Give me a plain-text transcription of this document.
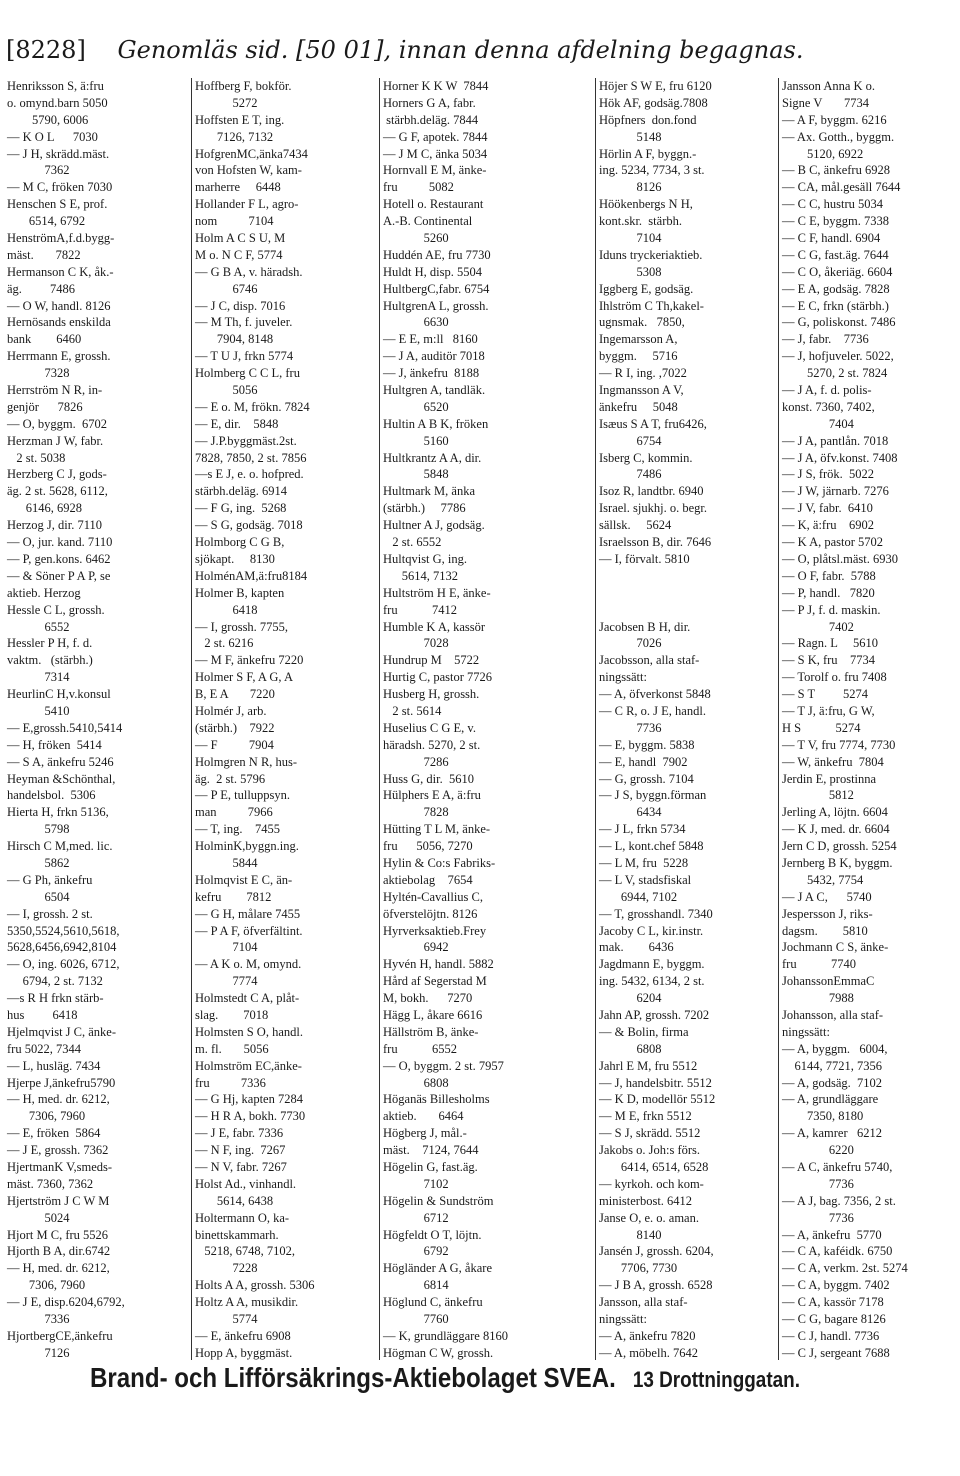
[8228] Genomläs sid. [50 01], innan denna afdelning begagnas.
Henriksson S, ä:fru
o. omynd.barn 5050
5790, 6006
— K O L      7030
— J H, skrädd.mäst.
7362
— M C, fröken 7030
Henschen S E, prof.
6514, 6792
HenströmA,f.d.bygg-
mäst.       7822
Hermanson C K, åk.-
äg.         7486
— O W, handl. 8126
Hernösands enskilda
bank        6460
Herrmann E, grossh.
7328
Herrström N R, in-
genjör      7826
— O, byggm.  6702
Herzman J W, fabr.
2 st. 5038
Herzberg C J, gods-
äg. 2 st. 5628, 6112,
6146, 6928
Herzog J, dir. 7110
— O, jur. kand. 7110
— P, gen.kons. 6462
— & Söner P A P, se
aktieb. Herzog
Hessle C L, grossh.
6552
Hessler P H, f. d.
vaktm.   (stärbh.)
7314
HeurlinC H,v.konsul
5410
— E,grossh.5410,5414
— H, fröken  5414
— S A, änkefru 5246
Heyman &Schönthal,
handelsbol.  5306
Hierta H, frkn 5136,
5798
Hirsch C M,med. lic.
5862
— G Ph, änkefru
6504
— I, grossh. 2 st.
5350,5524,5610,5618,
5628,6456,6942,8104
— O, ing. 6026, 6712,
6794, 2 st. 7132
—s R H frkn stärb-
hus         6418
Hjelmqvist J C, änke-
fru 5022, 7344
— L, husläg. 7434
Hjerpe J,änkefru5790
— H, med. dr. 6212,
7306, 7960
— E, fröken  5864
— J E, grossh. 7362
HjertmanK V,smeds-
mäst. 7360, 7362
Hjertström J C W M
5024
Hjort M C, fru 5526
Hjorth B A, dir.6742
— H, med. dr. 6212,
7306, 7960
— J E, disp.6204,6792,
7336
HjortbergCE,änkefru
7126
Hoffberg F, bokför.
5272
Hoffsten E T, ing.
7126, 7132
HofgrenMC,änka7434
von Hofsten W, kam-
marherre     6448
Hollander F L, agro-
nom          7104
Holm A C S U, M
M o. N C F, 5774
— G B A, v. häradsh.
6746
— J C, disp. 7016
— M Th, f. juveler.
7904, 8148
— T U J, frkn 5774
Holmberg C C L, fru
5056
— E o. M, frökn. 7824
— E, dir.    5848
— J.P.byggmäst.2st.
7828, 7850, 2 st. 7856
—s E J, e. o. hofpred.
stärbh.deläg. 6914
— F G, ing.  5268
— S G, godsäg. 7018
Holmborg C G B,
sjökapt.     8130
HolménAM,ä:fru8184
Holmer B, kapten
6418
— I, grossh. 7755,
2 st. 6216
— M F, änkefru 7220
Holmer S F, A G, A
B, E A       7220
Holmér J, arb.
(stärbh.)    7922
— F          7904
Holmgren N R, hus-
äg.  2 st. 5796
— P E, tulluppsyn.
man          7966
— T, ing.    7455
HolminK,byggn.ing.
5844
Holmqvist E C, än-
kefru        7812
— G H, målare 7455
— P A F, öfverfältint.
7104
— A K o. M, omynd.
7774
Holmstedt C A, plåt-
slag.        7018
Holmsten S O, handl.
m. fl.       5056
Holmström EC,änke-
fru          7336
— G Hj, kapten 7284
— H R A, bokh. 7730
— J E, fabr. 7336
— N F, ing.  7267
— N V, fabr. 7267
Holst Ad., vinhandl.
5614, 6438
Holtermann O, ka-
binettskammarh.
5218, 6748, 7102,
7228
Holts A A, grossh. 5306
Holtz A A, musikdir.
5774
— E, änkefru 6908
Hopp A, byggmäst.
Horner K K W  7844
Horners G A, fabr.
stärbh.deläg. 7844
— G F, apotek. 7844
— J M C, änka 5034
Hornvall E M, änke-
fru          5082
Hotell o. Restaurant
A.-B. Continental
5260
Huddén AE, fru 7730
Huldt H, disp. 5504
HultbergC,fabr. 6754
HultgrenA L, grossh.
6630
— E E, m:ll   8160
— J A, auditör 7018
— J, änkefru  8188
Hultgren A, tandläk.
6520
Hultin A B K, fröken
5160
Hultkrantz A A, dir.
5848
Hultmark M, änka
(stärbh.)     7786
Hultner A J, godsäg.
2 st. 6552
Hultqvist G, ing.
5614, 7132
Hultström H E, änke-
fru           7412
Humble K A, kassör
7028
Hundrup M    5722
Hurtig C, pastor 7726
Husberg H, grossh.
2 st. 5614
Huselius C G E, v.
häradsh. 5270, 2 st.
7286
Huss G, dir.  5610
Hülphers E A, ä:fru
7828
Hütting T L M, änke-
fru      5056, 7270
Hylin & Co:s Fabriks-
aktiebolag    7654
Hyltén-Cavallius C,
öfverstelöjtn. 8126
Hyrverksaktieb.Frey
6942
Hyvén H, handl. 5882
Hård af Segerstad M
M, bokh.      7270
Hägg L, åkare 6616
Hällström B, änke-
fru           6552
— O, byggm. 2 st. 7957
6808
Höganäs Billesholms
aktieb.       6464
Högberg J, mål.-
mäst.    7124, 7644
Högelin G, fast.äg.
7102
Högelin & Sundström
6712
Högfeldt O T, löjtn.
6792
Högländer A G, åkare
6814
Höglund C, änkefru
7760
— K, grundläggare 8160
Högman C W, grossh.
Höjer S W E, fru 6120
Hök AF, godsäg.7808
Höpfners  don.fond
5148
Hörlin A F, byggn.-
ing. 5234, 7734, 3 st.
8126
Höökenbergs N H,
kont.skr.  stärbh.
7104
Iduns tryckeriaktieb.
5308
Iggberg E, godsäg.
Ihlström C Th,kakel-
ugnsmak.   7850,
Ingemarsson A,
byggm.     5716
— R I, ing. ,7022
Ingmansson A V,
änkefru     5048
Isæus S A T, fru6426,
6754
Isberg C, kommin.
7486
Isoz R, landtbr. 6940
Israel. sjukhj. o. begr.
sällsk.     5624
Israelsson B, dir. 7646
— I, förvalt. 5810
Jacobsen B H, dir.
7026
Jacobsson, alla staf-
ningssätt:
— A, öfverkonst 5848
— C R, o. J E, handl.
7736
— E, byggm. 5838
— E, handl  7902
— G, grossh. 7104
— J S, byggn.förman
6434
— J L, frkn 5734
— L, kont.chef 5848
— L M, fru  5228
— L V, stadsfiskal
6944, 7102
— T, grosshandl. 7340
Jacoby C L, kir.instr.
mak.        6436
Jagdmann E, byggm.
ing. 5432, 6134, 2 st.
6204
Jahn AP, grossh. 7202
— & Bolin, firma
6808
Jahrl E M, fru 5512
— J, handelsbitr. 5512
— K D, modellör 5512
— M E, frkn 5512
— S J, skrädd. 5512
Jakobs o. Joh:s förs.
6414, 6514, 6528
— kyrkoh. och kom-
ministerbost. 6412
Janse O, e. o. aman.
8140
Jansén J, grossh. 6204,
7706, 7730
— J B A, grossh. 6528
Jansson, alla staf-
ningssätt:
— A, änkefru 7820
— A, möbelh. 7642
Jansson Anna K o.
Signe V       7734
— A F, byggm. 6216
— Ax. Gotth., byggm.
5120, 6922
— B C, änkefru 6928
— CA, mål.gesäll 7644
— C C, hustru 5034
— C E, byggm. 7338
— C F, handl. 6904
— C G, fast.äg. 7644
— C O, åkeriäg. 6604
— E A, godsäg. 7828
— E C, frkn (stärbh.)
— G, poliskonst. 7486
— J, fabr.    7736
— J, hofjuveler. 5022,
5270, 2 st. 7824
— J A, f. d. polis-
konst. 7360, 7402,
7404
— J A, pantlån. 7018
— J A, öfv.konst. 7408
— J S, frök.  5022
— J W, järnarb. 7276
— J V, fabr.  6410
— K, ä:fru    6902
— K A, pastor 5702
— O, plåtsl.mäst. 6930
— O F, fabr.  5788
— P, handl.   7820
— P J, f. d. maskin.
7402
— Ragn. L     5610
— S K, fru    7734
— Torolf o. fru 7408
— S T         5274
— T J, ä:fru, G W,
H S           5274
— T V, fru 7774, 7730
— W, änkefru  7804
Jerdin E, prostinna
5812
Jerling A, löjtn. 6604
— K J, med. dr. 6604
Jern C D, grossh. 5254
Jernberg B K, byggm.
5432, 7754
— J A C,      5740
Jespersson J, riks-
dagsm.        5810
Jochmann C S, änke-
fru           7740
JohanssonEmmaC
7988
Johansson, alla staf-
ningssätt:
— A, byggm.   6004,
6144, 7721, 7356
— A, godsäg.  7102
— A, grundläggare
7350, 8180
— A, kamrer   6212
6220
— A C, änkefru 5740,
7736
— A J, bag. 7356, 2 st.
7736
— A, änkefru  5770
— C A, kaféidk. 6750
— C A, verkm. 2st. 5274
— C A, byggm. 7402
— C A, kassör 7178
— C G, bagare 8126
— C J, handl. 7736
— C J, sergeant 7688
Brand- och Lifförsäkrings-Aktiebolaget SVEA. 13 Drottninggatan.
